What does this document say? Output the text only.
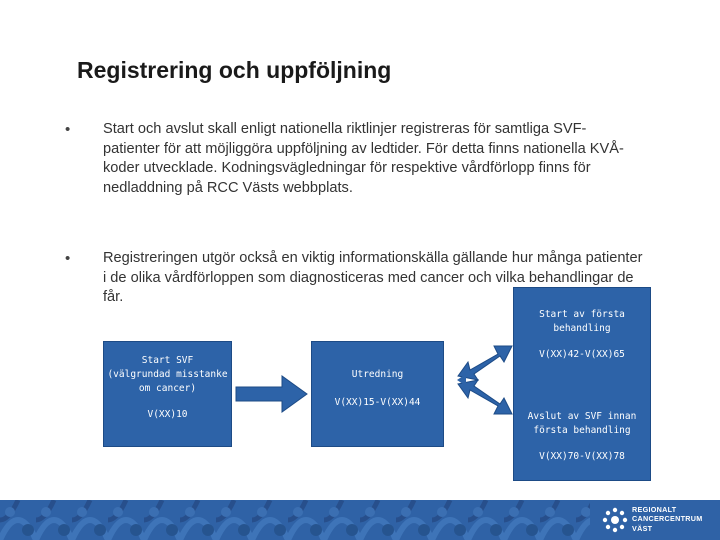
Registrering och uppföljning
•	Start och avslut skall enligt nationella riktlinjer registreras för samtliga SVF-patienter för att möjliggöra uppföljning av ledtider. För detta finns nationella KVÅ-koder utvecklade. Kodningsvägledningar för respektive vårdförlopp finns för nedladdning på RCC Västs webbplats.
•	Registreringen utgör också en viktig informationskälla gällande hur många patienter i de olika vårdförloppen som diagnosticeras med cancer och vilka behandlingar de får.

Start SVF

(välgrundad misstanke

om cancer)

V(XX)10

Utredning

V(XX)15-V(XX)44

Start av första

behandling

V(XX)42-V(XX)65

Avslut av SVF innan

första behandling

V(XX)70-V(XX)78

REGIONALT
CANCERCENTRUM
VÄST
